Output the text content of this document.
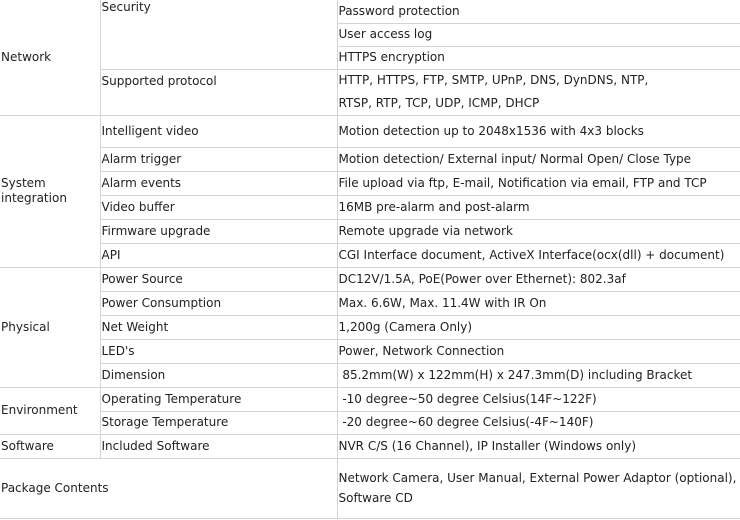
Network	Security	Password protection
		User access log
		HTTPS encryption
	Supported protocol	HTTP, HTTPS, FTP, SMTP, UPnP, DNS, DynDNS, NTP,
		RTSP, RTP, TCP, UDP, ICMP, DHCP

System
integration	Intelligent video	Motion detection up to 2048x1536 with 4x3 blocks
	Alarm trigger	Motion detection/ External input/ Normal Open/ Close Type
	Alarm events	File upload via ftp, E-mail, Notification via email, FTP and TCP
	Video buffer	16MB pre-alarm and post-alarm
	Firmware upgrade	Remote upgrade via network
	API	CGI Interface document, ActiveX Interface(ocx(dll) + document)
Physical	Power Source	DC12V/1.5A, PoE(Power over Ethernet): 802.3af
	Power Consumption	Max. 6.6W, Max. 11.4W with IR On
	Net Weight	1,200g (Camera Only)
	LED's	Power, Network Connection
	Dimension	85.2mm(W) x 122mm(H) x 247.3mm(D) including Bracket
Environment	Operating Temperature	-10 degree~50 degree Celsius(14F~122F)
	Storage Temperature	-20 degree~60 degree Celsius(-4F~140F)
Software	Included Software	NVR C/S (16 Channel), IP Installer (Windows only)
Package Contents		Network Camera, User Manual, External Power Adaptor (optional), Software CD
